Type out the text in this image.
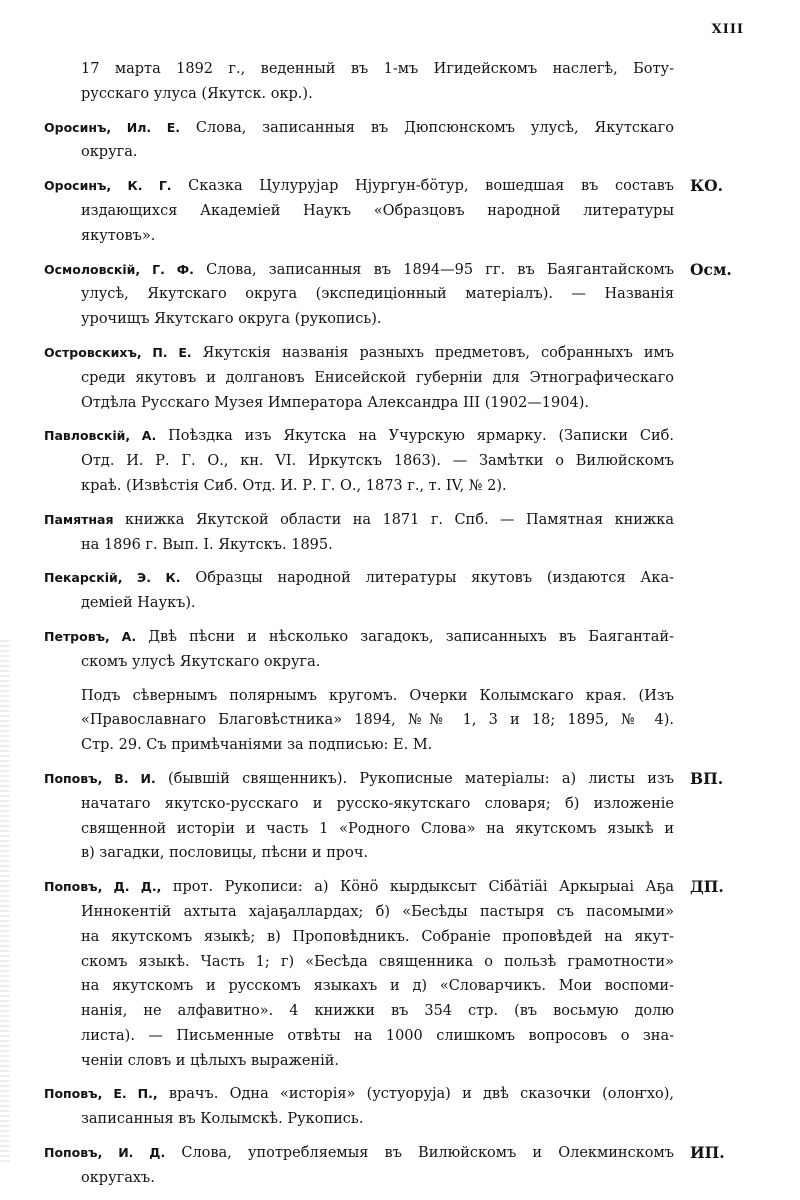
XIII
17 марта 1892 г., веденный въ 1-мъ Игидейскомъ наслегѣ, Боту-
русскаго улуса (Якутск. окр.).
Оросинъ, Ил. Е. Слова, записанныя въ Дюпсюнскомъ улусѣ, Якутскаго
округа.
Оросинъ, К. Г. Сказка Цулурујар Нјургун-бӧтур, вошедшая въ составъ
издающихся Академiей Наукъ «Образцовъ народной литературы
якутовъ».
КО.
Осмоловскій, Г. Ф. Слова, записанныя въ 1894—95 гг. въ Баягантайскомъ
улусѣ, Якутскаго округа (экспедиціонный матеріалъ). — Названія
урочищъ Якутскаго округа (рукопись).
Осм.
Островскихъ, П. Е. Якутскія названія разныхъ предметовъ, собранныхъ имъ
среди якутовъ и долгановъ Енисейской губерніи для Этнографическаго
Отдѣла Русскаго Музея Императора Александра III (1902—1904).
Павловскій, А. Поѣздка изъ Якутска на Учурскую ярмарку. (Записки Сиб.
Отд. И. Р. Г. О., кн. VI. Иркутскъ 1863). — Замѣтки о Вилюйскомъ
краѣ. (Извѣстія Сиб. Отд. И. Р. Г. О., 1873 г., т. IV, № 2).
Памятная книжка Якутской области на 1871 г. Спб. — Памятная книжка
на 1896 г. Вып. I. Якутскъ. 1895.
Пекарскій, Э. К. Образцы народной литературы якутовъ (издаются Ака-
деміей Наукъ).
Петровъ, А. Двѣ пѣсни и нѣсколько загадокъ, записанныхъ въ Баягантай-
скомъ улусѣ Якутскаго округа.
Подъ сѣвернымъ полярнымъ кругомъ. Очерки Колымскаго края. (Изъ
«Православнаго Благовѣстника» 1894, №№ 1, 3 и 18; 1895, № 4).
Стр. 29. Съ примѣчаніями за подписью: Е. М.
Поповъ, В. И. (бывшій священникъ). Рукописные матеріалы: а) листы изъ
начатаго якутско-русскаго и русско-якутскаго словаря; б) изложеніе
священной исторіи и часть 1 «Родного Слова» на якутскомъ языкѣ и
в) загадки, пословицы, пѣсни и проч.
ВП.
Поповъ, Д. Д., прот. Рукописи: а) Кӧнӧ кырдыксыт Сібӓтіӓі Аркырыаі Аҕа
Иннокентій ахтыта хајаҕаллардах; б) «Бесѣды пастыря съ пасомыми»
на якутскомъ языкѣ; в) Проповѣдникъ. Собраніе проповѣдей на якут-
скомъ языкѣ. Часть 1; г) «Бесѣда священника о пользѣ грамотности»
на якутскомъ и русскомъ языкахъ и д) «Словарчикъ. Мои воспоми-
нанія, не алфавитно». 4 книжки въ 354 стр. (въ восьмую долю
листа). — Письменные отвѣты на 1000 слишкомъ вопросовъ о зна-
ченіи словъ и цѣлыхъ выраженій.
ДП.
Поповъ, Е. П., врачъ. Одна «исторія» (устуоруја) и двѣ сказочки (олоҥхо),
записанныя въ Колымскѣ. Рукопись.
Поповъ, И. Д. Слова, употребляемыя въ Вилюйскомъ и Олекминскомъ
округахъ.
ИП.
